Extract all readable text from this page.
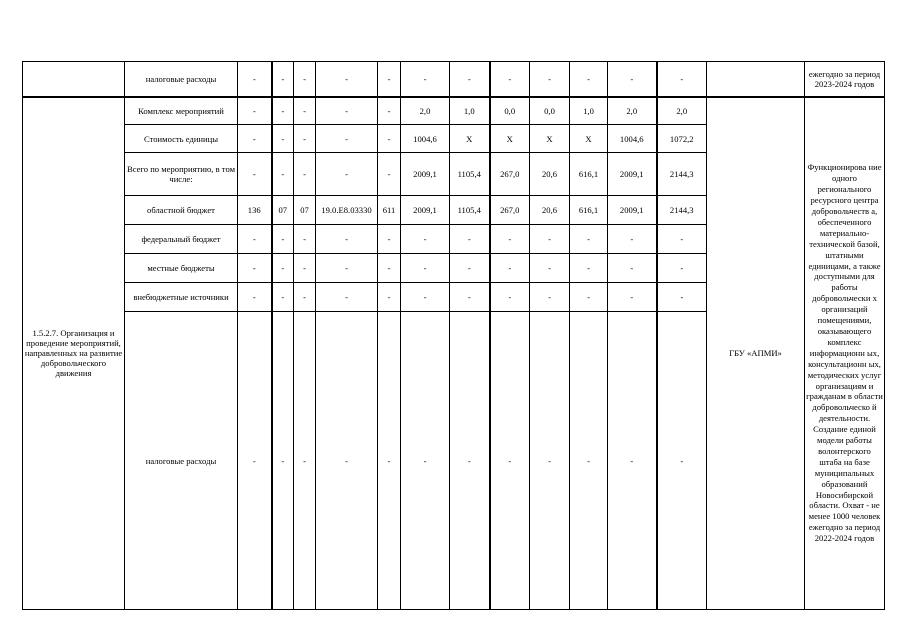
	налоговые расходы	-	-	-	-	-	-	-	-	-	-	-	-		ежегодно за период 2023-2024 годов
1.5.2.7. Организация и проведение мероприятий, направленных на развитие добровольческого движения	Комплекс мероприятий	-	-	-	-	-	2,0	1,0	0,0	0,0	1,0	2,0	2,0	ГБУ «АПМИ»	Функционирова ние одного регионального ресурсного центра добровольчеств а, обеспеченного материально-технической базой, штатными единицами, а также доступными для работы добровольчески х организаций помещениями, оказывающего комплекс информационн ых, консультационн ых, методических услуг организациям и гражданам в области добровольческо й деятельности. Создание единой модели работы волонтерского штаба на базе муниципальных образований Новосибирской области. Охват - не менее 1000 человек ежегодно за период 2022-2024 годов
	Стоимость единицы	-	-	-	-	-	1004,6	X	X	X	X	1004,6	1072,2		
	Всего по мероприятию, в том числе:	-	-	-	-	-	2009,1	1105,4	267,0	20,6	616,1	2009,1	2144,3		
	областной бюджет	136	07	07	19.0.E8.03330	611	2009,1	1105,4	267,0	20,6	616,1	2009,1	2144,3		
	федеральный бюджет	-	-	-	-	-	-	-	-	-	-	-	-		
	местные бюджеты	-	-	-	-	-	-	-	-	-	-	-	-		
	внебюджетные источники	-	-	-	-	-	-	-	-	-	-	-	-		
	налоговые расходы	-	-	-	-	-	-	-	-	-	-	-	-		
